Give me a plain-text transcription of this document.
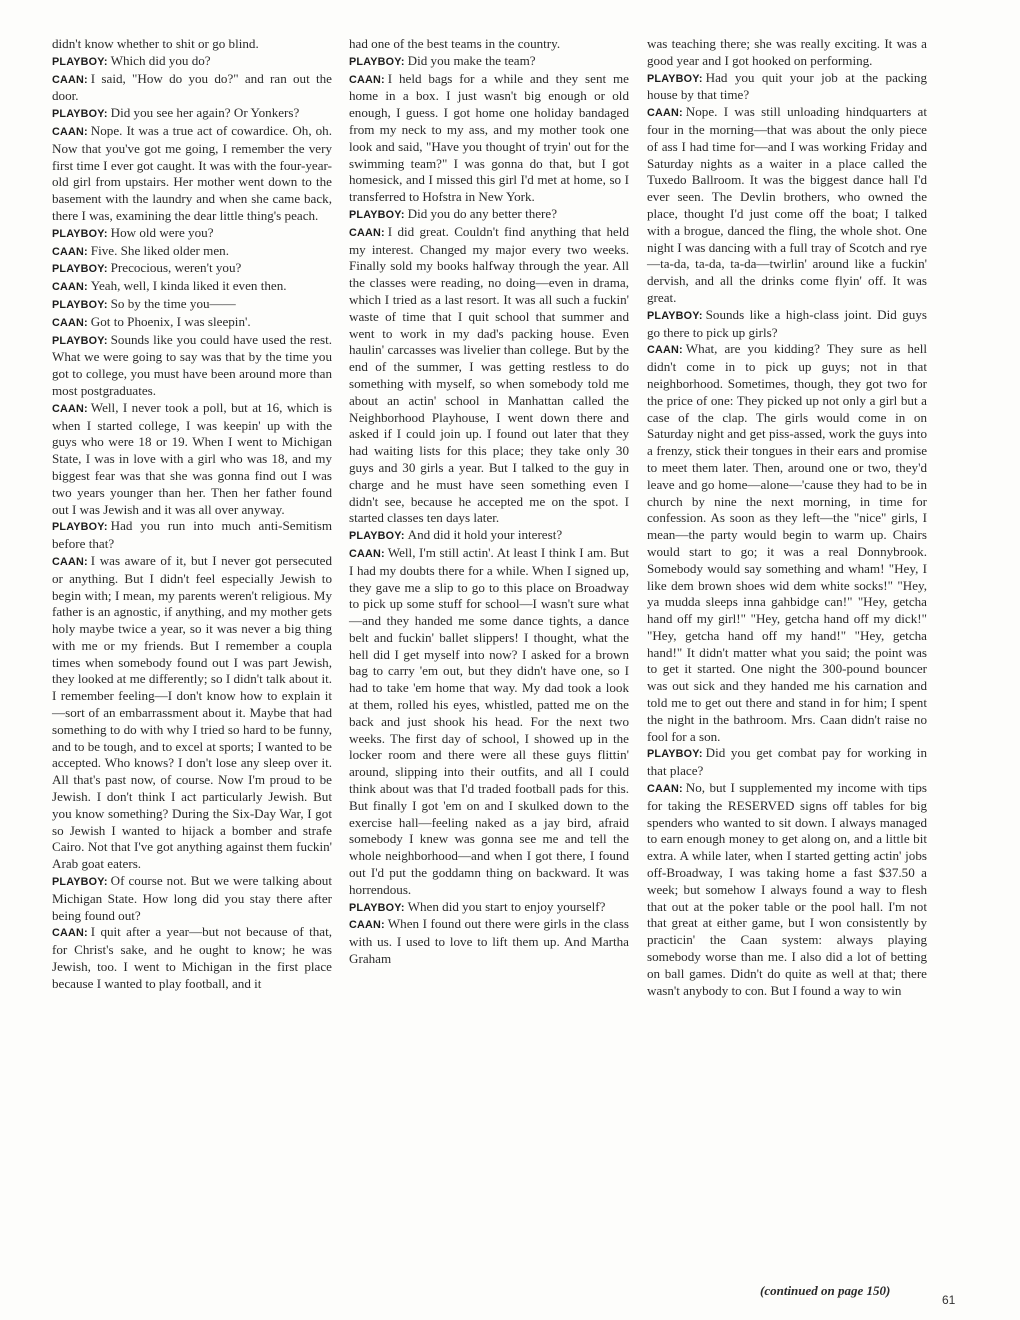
didn't know whether to shit or go blind.

PLAYBOY: Which did you do?

CAAN: I said, "How do you do?" and ran out the door.

PLAYBOY: Did you see her again? Or Yonkers?

CAAN: Nope. It was a true act of cowardice. Oh, oh. Now that you've got me going, I remember the very first time I ever got caught. It was with the four-year-old girl from upstairs. Her mother went down to the basement with the laundry and when she came back, there I was, examining the dear little thing's peach.

PLAYBOY: How old were you?

CAAN: Five. She liked older men.

PLAYBOY: Precocious, weren't you?

CAAN: Yeah, well, I kinda liked it even then.

PLAYBOY: So by the time you——

CAAN: Got to Phoenix, I was sleepin'.

PLAYBOY: Sounds like you could have used the rest. What we were going to say was that by the time you got to college, you must have been around more than most postgraduates.

CAAN: Well, I never took a poll, but at 16, which is when I started college, I was keepin' up with the guys who were 18 or 19. When I went to Michigan State, I was in love with a girl who was 18, and my biggest fear was that she was gonna find out I was two years younger than her. Then her father found out I was Jewish and it was all over anyway.

PLAYBOY: Had you run into much anti-Semitism before that?

CAAN: I was aware of it, but I never got persecuted or anything. But I didn't feel especially Jewish to begin with; I mean, my parents weren't religious. My father is an agnostic, if anything, and my mother gets holy maybe twice a year, so it was never a big thing with me or my friends. But I remember a coupla times when somebody found out I was part Jewish, they looked at me differently; so I didn't talk about it. I remember feeling—I don't know how to explain it—sort of an embarrassment about it. Maybe that had something to do with why I tried so hard to be funny, and to be tough, and to excel at sports; I wanted to be accepted. Who knows? I don't lose any sleep over it. All that's past now, of course. Now I'm proud to be Jewish. I don't think I act particularly Jewish. But you know something? During the Six-Day War, I got so Jewish I wanted to hijack a bomber and strafe Cairo. Not that I've got anything against them fuckin' Arab goat eaters.

PLAYBOY: Of course not. But we were talking about Michigan State. How long did you stay there after being found out?

CAAN: I quit after a year—but not because of that, for Christ's sake, and he ought to know; he was Jewish, too. I went to Michigan in the first place because I wanted to play football, and it

had one of the best teams in the country.

PLAYBOY: Did you make the team?

CAAN: I held bags for a while and they sent me home in a box. I just wasn't big enough or old enough, I guess. I got home one holiday bandaged from my neck to my ass, and my mother took one look and said, "Have you thought of tryin' out for the swimming team?" I was gonna do that, but I got homesick, and I missed this girl I'd met at home, so I transferred to Hofstra in New York.

PLAYBOY: Did you do any better there?

CAAN: I did great. Couldn't find anything that held my interest. Changed my major every two weeks. Finally sold my books halfway through the year. All the classes were reading, no doing—even in drama, which I tried as a last resort. It was all such a fuckin' waste of time that I quit school that summer and went to work in my dad's packing house. Even haulin' carcasses was livelier than college. But by the end of the summer, I was getting restless to do something with myself, so when somebody told me about an actin' school in Manhattan called the Neighborhood Playhouse, I went down there and asked if I could join up. I found out later that they had waiting lists for this place; they take only 30 guys and 30 girls a year. But I talked to the guy in charge and he must have seen something even I didn't see, because he accepted me on the spot. I started classes ten days later.

PLAYBOY: And did it hold your interest?

CAAN: Well, I'm still actin'. At least I think I am. But I had my doubts there for a while. When I signed up, they gave me a slip to go to this place on Broadway to pick up some stuff for school—I wasn't sure what—and they handed me some dance tights, a dance belt and fuckin' ballet slippers! I thought, what the hell did I get myself into now? I asked for a brown bag to carry 'em out, but they didn't have one, so I had to take 'em home that way. My dad took a look at them, rolled his eyes, whistled, patted me on the back and just shook his head. For the next two weeks. The first day of school, I showed up in the locker room and there were all these guys flittin' around, slipping into their outfits, and all I could think about was that I'd traded football pads for this. But finally I got 'em on and I skulked down to the exercise hall—feeling naked as a jay bird, afraid somebody I knew was gonna see me and tell the whole neighborhood—and when I got there, I found out I'd put the goddamn thing on backward. It was horrendous.

PLAYBOY: When did you start to enjoy yourself?

CAAN: When I found out there were girls in the class with us. I used to love to lift them up. And Martha Graham

was teaching there; she was really exciting. It was a good year and I got hooked on performing.

PLAYBOY: Had you quit your job at the packing house by that time?

CAAN: Nope. I was still unloading hindquarters at four in the morning—that was about the only piece of ass I had time for—and I was working Friday and Saturday nights as a waiter in a place called the Tuxedo Ballroom. It was the biggest dance hall I'd ever seen. The Devlin brothers, who owned the place, thought I'd just come off the boat; I talked with a brogue, danced the fling, the whole shot. One night I was dancing with a full tray of Scotch and rye—ta-da, ta-da, ta-da—twirlin' around like a fuckin' dervish, and all the drinks come flyin' off. It was great.

PLAYBOY: Sounds like a high-class joint. Did guys go there to pick up girls?

CAAN: What, are you kidding? They sure as hell didn't come in to pick up guys; not in that neighborhood. Sometimes, though, they got two for the price of one: They picked up not only a girl but a case of the clap. The girls would come in on Saturday night and get piss-assed, work the guys into a frenzy, stick their tongues in their ears and promise to meet them later. Then, around one or two, they'd leave and go home—alone—'cause they had to be in church by nine the next morning, in time for confession. As soon as they left—the "nice" girls, I mean—the party would begin to warm up. Chairs would start to go; it was a real Donnybrook. Somebody would say something and wham! "Hey, I like dem brown shoes wid dem white socks!" "Hey, ya mudda sleeps inna gahbidge can!" "Hey, getcha hand off my girl!" "Hey, getcha hand off my dick!" "Hey, getcha hand off my hand!" "Hey, getcha hand!" It didn't matter what you said; the point was to get it started. One night the 300-pound bouncer was out sick and they handed me his carnation and told me to get out there and stand in for him; I spent the night in the bathroom. Mrs. Caan didn't raise no fool for a son.

PLAYBOY: Did you get combat pay for working in that place?

CAAN: No, but I supplemented my income with tips for taking the RESERVED signs off tables for big spenders who wanted to sit down. I always managed to earn enough money to get along on, and a little bit extra. A while later, when I started getting actin' jobs off-Broadway, I was taking home a fast $37.50 a week; but somehow I always found a way to flesh that out at the poker table or the pool hall. I'm not that great at either game, but I won consistently by practicin' the Caan system: always playing somebody worse than me. I also did a lot of betting on ball games. Didn't do quite as well at that; there wasn't anybody to con. But I found a way to win

(continued on page 150)
61
